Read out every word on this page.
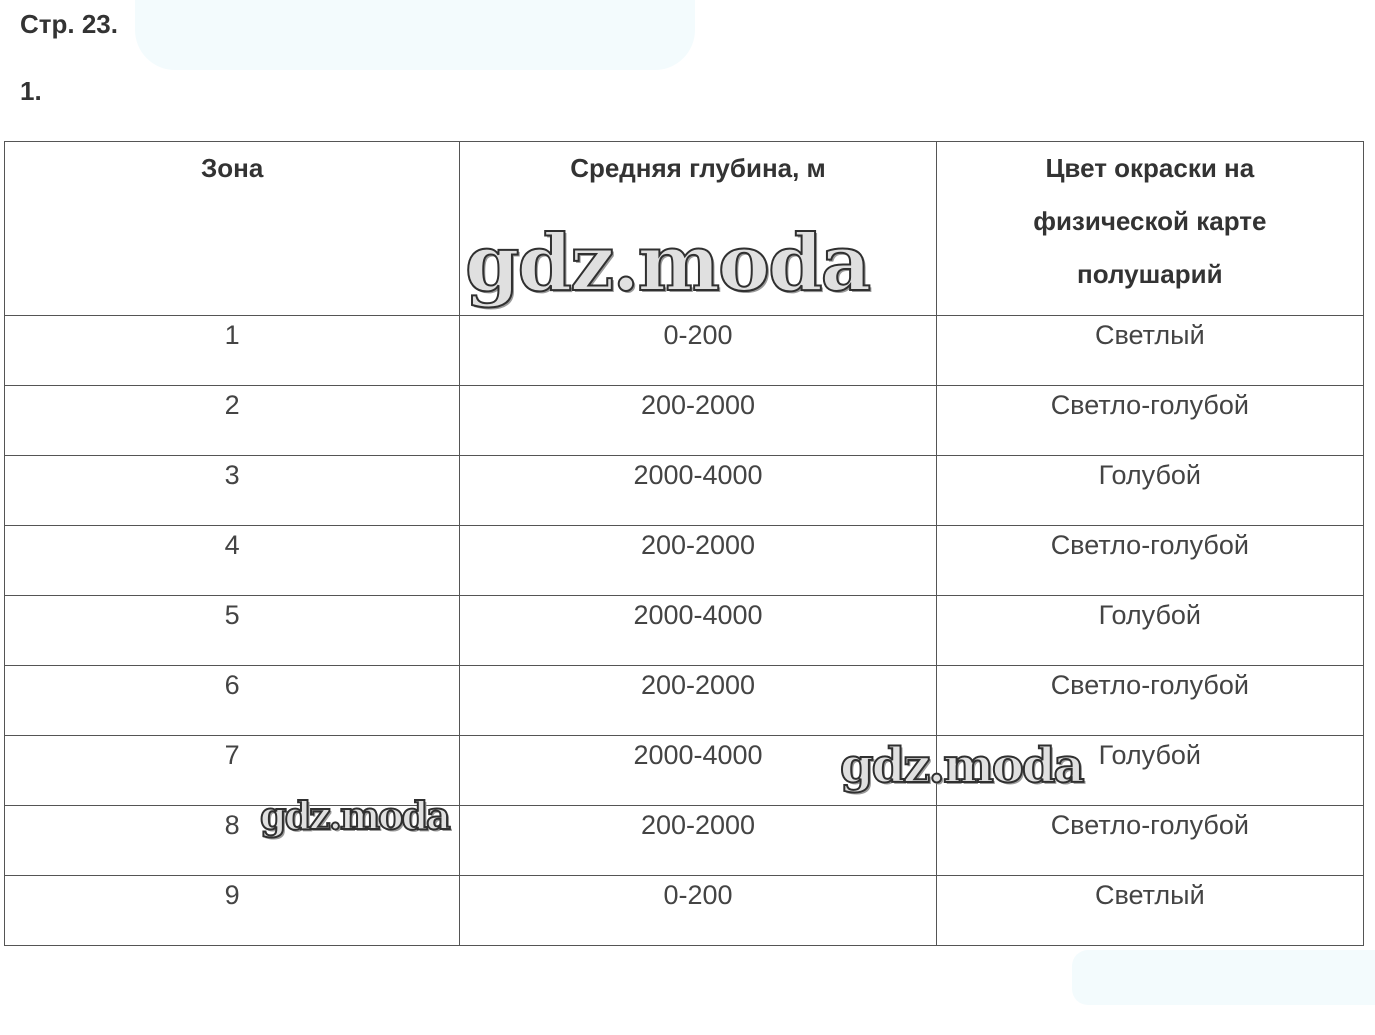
Стр. 23.
1.
Зона	Средняя глубина, м	Цвет окраски на
физической карте
полушарий

1	0-200	Светлый
2	200-2000	Светло-голубой
3	2000-4000	Голубой
4	200-2000	Светло-голубой
5	2000-4000	Голубой
6	200-2000	Светло-голубой
7	2000-4000	Голубой
8	200-2000	Светло-голубой
9	0-200	Светлый
gdz.moda
gdz.moda
gdz.moda
